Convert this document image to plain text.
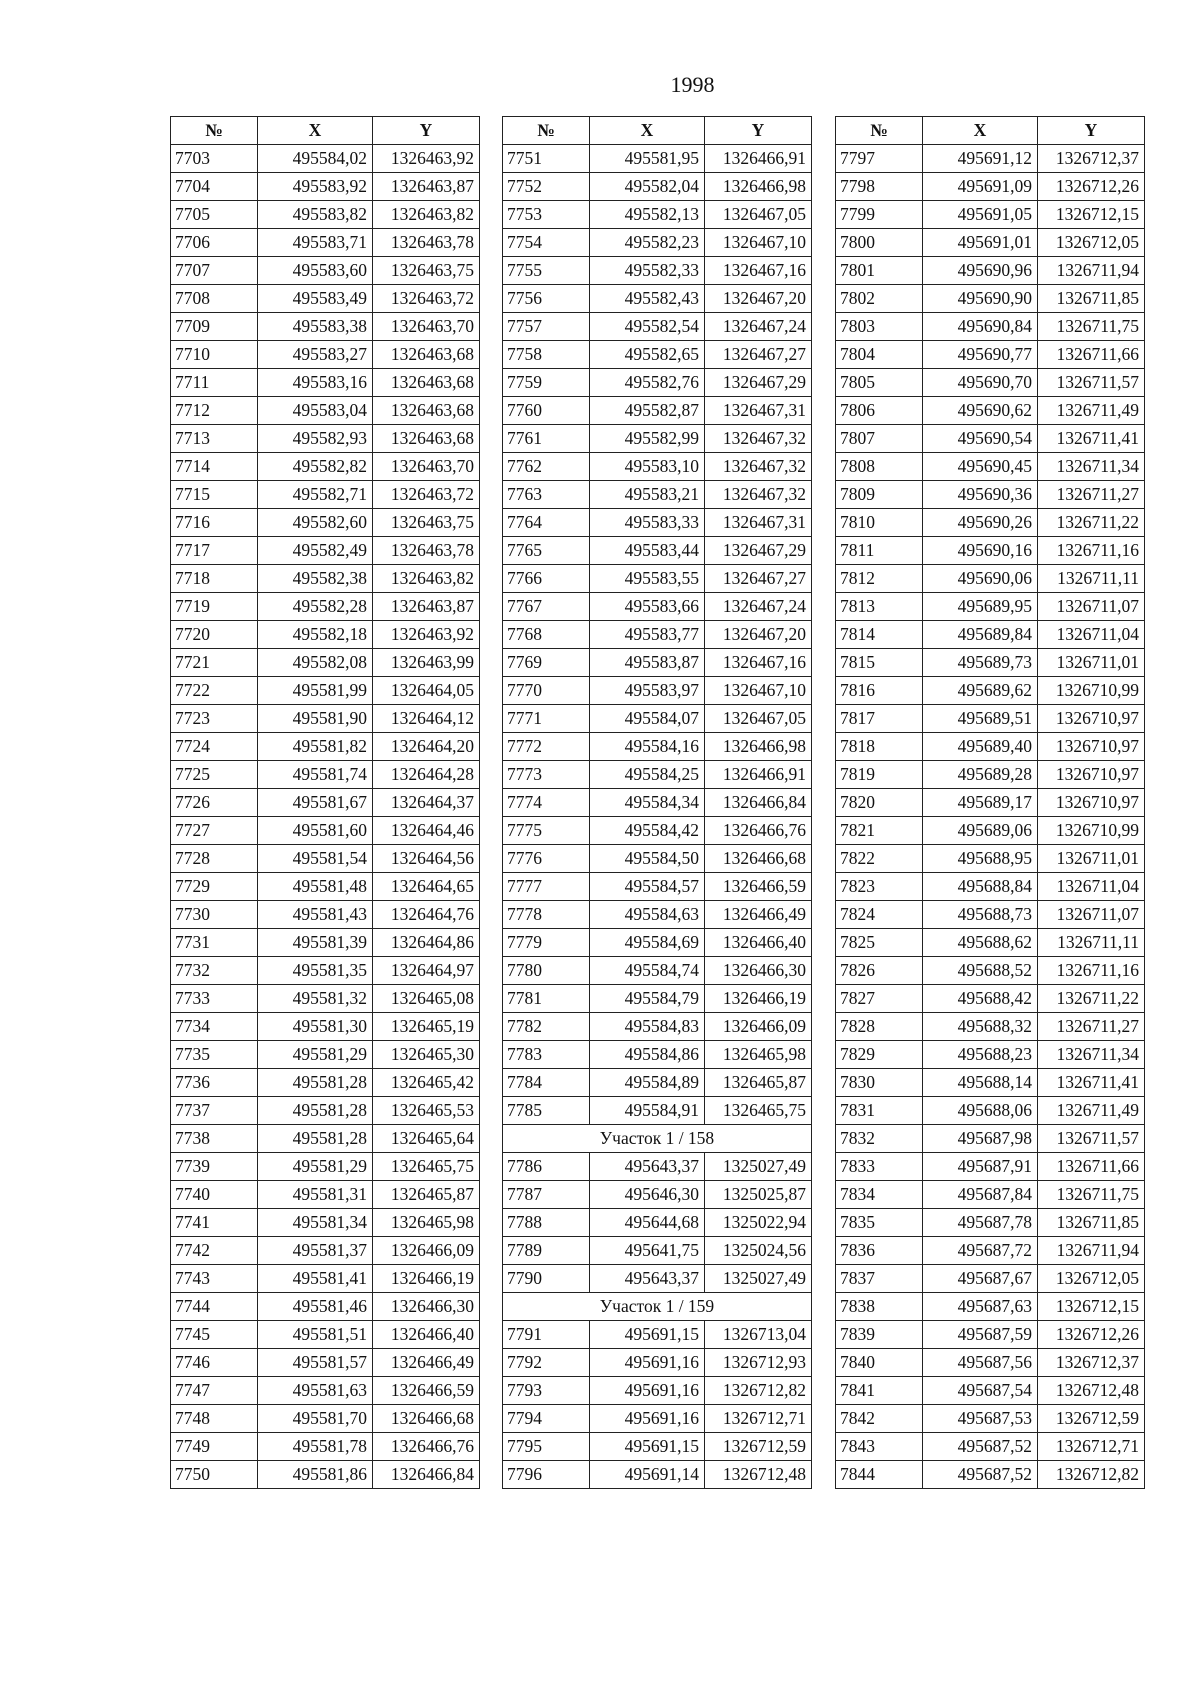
1998
№	X	Y
7703	495584,02	1326463,92
7704	495583,92	1326463,87
7705	495583,82	1326463,82
7706	495583,71	1326463,78
7707	495583,60	1326463,75
7708	495583,49	1326463,72
7709	495583,38	1326463,70
7710	495583,27	1326463,68
7711	495583,16	1326463,68
7712	495583,04	1326463,68
7713	495582,93	1326463,68
7714	495582,82	1326463,70
7715	495582,71	1326463,72
7716	495582,60	1326463,75
7717	495582,49	1326463,78
7718	495582,38	1326463,82
7719	495582,28	1326463,87
7720	495582,18	1326463,92
7721	495582,08	1326463,99
7722	495581,99	1326464,05
7723	495581,90	1326464,12
7724	495581,82	1326464,20
7725	495581,74	1326464,28
7726	495581,67	1326464,37
7727	495581,60	1326464,46
7728	495581,54	1326464,56
7729	495581,48	1326464,65
7730	495581,43	1326464,76
7731	495581,39	1326464,86
7732	495581,35	1326464,97
7733	495581,32	1326465,08
7734	495581,30	1326465,19
7735	495581,29	1326465,30
7736	495581,28	1326465,42
7737	495581,28	1326465,53
7738	495581,28	1326465,64
7739	495581,29	1326465,75
7740	495581,31	1326465,87
7741	495581,34	1326465,98
7742	495581,37	1326466,09
7743	495581,41	1326466,19
7744	495581,46	1326466,30
7745	495581,51	1326466,40
7746	495581,57	1326466,49
7747	495581,63	1326466,59
7748	495581,70	1326466,68
7749	495581,78	1326466,76
7750	495581,86	1326466,84
№	X	Y
7751	495581,95	1326466,91
7752	495582,04	1326466,98
7753	495582,13	1326467,05
7754	495582,23	1326467,10
7755	495582,33	1326467,16
7756	495582,43	1326467,20
7757	495582,54	1326467,24
7758	495582,65	1326467,27
7759	495582,76	1326467,29
7760	495582,87	1326467,31
7761	495582,99	1326467,32
7762	495583,10	1326467,32
7763	495583,21	1326467,32
7764	495583,33	1326467,31
7765	495583,44	1326467,29
7766	495583,55	1326467,27
7767	495583,66	1326467,24
7768	495583,77	1326467,20
7769	495583,87	1326467,16
7770	495583,97	1326467,10
7771	495584,07	1326467,05
7772	495584,16	1326466,98
7773	495584,25	1326466,91
7774	495584,34	1326466,84
7775	495584,42	1326466,76
7776	495584,50	1326466,68
7777	495584,57	1326466,59
7778	495584,63	1326466,49
7779	495584,69	1326466,40
7780	495584,74	1326466,30
7781	495584,79	1326466,19
7782	495584,83	1326466,09
7783	495584,86	1326465,98
7784	495584,89	1326465,87
7785	495584,91	1326465,75
Участок 1 / 158		
7786	495643,37	1325027,49
7787	495646,30	1325025,87
7788	495644,68	1325022,94
7789	495641,75	1325024,56
7790	495643,37	1325027,49
Участок 1 / 159		
7791	495691,15	1326713,04
7792	495691,16	1326712,93
7793	495691,16	1326712,82
7794	495691,16	1326712,71
7795	495691,15	1326712,59
7796	495691,14	1326712,48
№	X	Y
7797	495691,12	1326712,37
7798	495691,09	1326712,26
7799	495691,05	1326712,15
7800	495691,01	1326712,05
7801	495690,96	1326711,94
7802	495690,90	1326711,85
7803	495690,84	1326711,75
7804	495690,77	1326711,66
7805	495690,70	1326711,57
7806	495690,62	1326711,49
7807	495690,54	1326711,41
7808	495690,45	1326711,34
7809	495690,36	1326711,27
7810	495690,26	1326711,22
7811	495690,16	1326711,16
7812	495690,06	1326711,11
7813	495689,95	1326711,07
7814	495689,84	1326711,04
7815	495689,73	1326711,01
7816	495689,62	1326710,99
7817	495689,51	1326710,97
7818	495689,40	1326710,97
7819	495689,28	1326710,97
7820	495689,17	1326710,97
7821	495689,06	1326710,99
7822	495688,95	1326711,01
7823	495688,84	1326711,04
7824	495688,73	1326711,07
7825	495688,62	1326711,11
7826	495688,52	1326711,16
7827	495688,42	1326711,22
7828	495688,32	1326711,27
7829	495688,23	1326711,34
7830	495688,14	1326711,41
7831	495688,06	1326711,49
7832	495687,98	1326711,57
7833	495687,91	1326711,66
7834	495687,84	1326711,75
7835	495687,78	1326711,85
7836	495687,72	1326711,94
7837	495687,67	1326712,05
7838	495687,63	1326712,15
7839	495687,59	1326712,26
7840	495687,56	1326712,37
7841	495687,54	1326712,48
7842	495687,53	1326712,59
7843	495687,52	1326712,71
7844	495687,52	1326712,82
